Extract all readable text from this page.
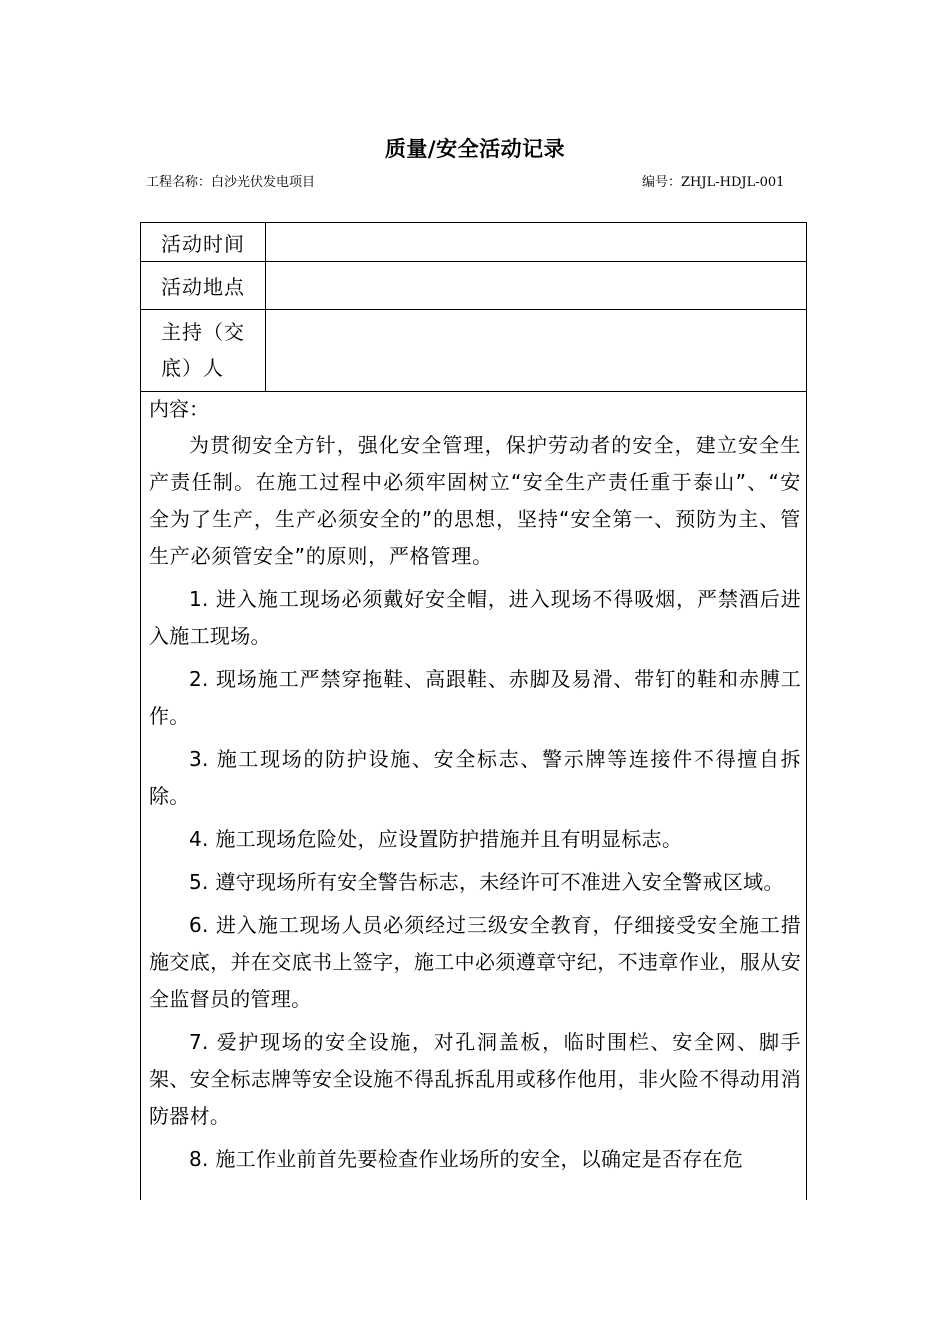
质量/安全活动记录
工程名称：白沙光伏发电项目	编号：ZHJL-HDJL-001
活动时间
活动地点
主持（交
底）人
内容：

为贯彻安全方针，强化安全管理，保护劳动者的安全，建立安全生产责任制。在施工过程中必须牢固树立“安全生产责任重于泰山”、“安全为了生产，生产必须安全的”的思想，坚持“安全第一、预防为主、管生产必须管安全”的原则，严格管理。

1. 进入施工现场必须戴好安全帽，进入现场不得吸烟，严禁酒后进入施工现场。

2. 现场施工严禁穿拖鞋、高跟鞋、赤脚及易滑、带钉的鞋和赤膊工作。

3. 施工现场的防护设施、安全标志、警示牌等连接件不得擅自拆除。

4. 施工现场危险处，应设置防护措施并且有明显标志。

5. 遵守现场所有安全警告标志，未经许可不准进入安全警戒区域。

6. 进入施工现场人员必须经过三级安全教育，仔细接受安全施工措施交底，并在交底书上签字，施工中必须遵章守纪，不违章作业，服从安全监督员的管理。

7. 爱护现场的安全设施，对孔洞盖板，临时围栏、安全网、脚手架、安全标志牌等安全设施不得乱拆乱用或移作他用，非火险不得动用消防器材。

8. 施工作业前首先要检查作业场所的安全，以确定是否存在危
